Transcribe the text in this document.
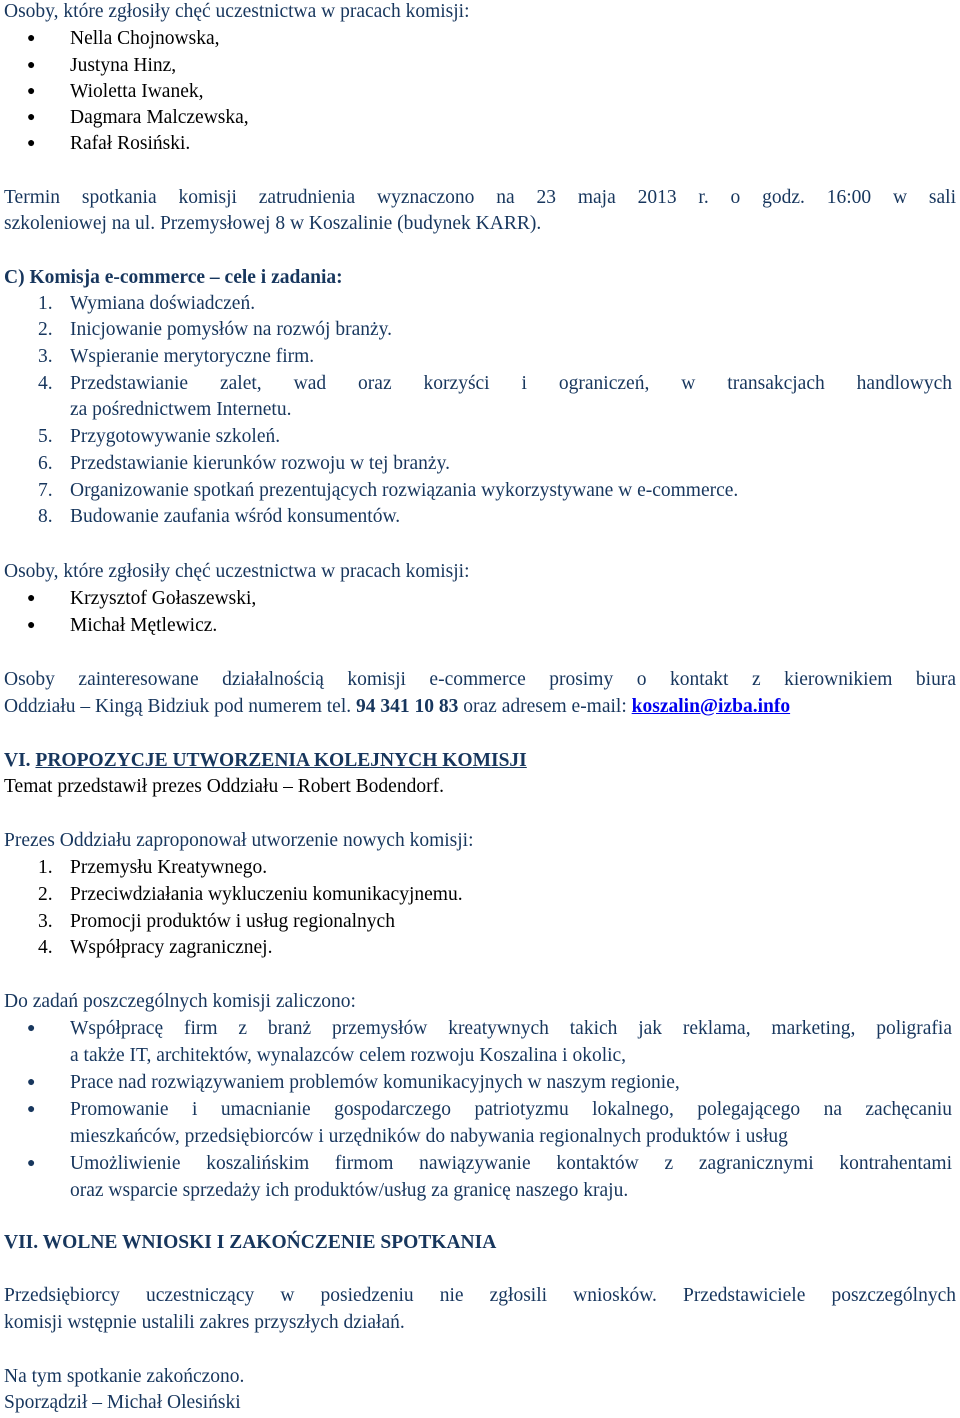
Osoby, które zgłosiły chęć uczestnictwa w pracach komisji:
● Nella Chojnowska,
● Justyna Hinz,
● Wioletta Iwanek,
● Dagmara Malczewska,
● Rafał Rosiński.
Termin spotkania komisji zatrudnienia wyznaczono na 23 maja 2013 r. o godz. 16:00 w sali
szkoleniowej na ul. Przemysłowej 8 w Koszalinie (budynek KARR).
C) Komisja e-commerce – cele i zadania:
1. Wymiana doświadczeń.
2. Inicjowanie pomysłów na rozwój branży.
3. Wspieranie merytoryczne firm.
4. Przedstawianie zalet, wad oraz korzyści i ograniczeń, w transakcjach handlowych
za pośrednictwem Internetu.
5. Przygotowywanie szkoleń.
6. Przedstawianie kierunków rozwoju w tej branży.
7. Organizowanie spotkań prezentujących rozwiązania wykorzystywane w e-commerce.
8. Budowanie zaufania wśród konsumentów.
Osoby, które zgłosiły chęć uczestnictwa w pracach komisji:
● Krzysztof Gołaszewski,
● Michał Mętlewicz.
Osoby zainteresowane działalnością komisji e-commerce prosimy o kontakt z kierownikiem biura
Oddziału – Kingą Bidziuk pod numerem tel. 94 341 10 83 oraz adresem e-mail: koszalin@izba.info
VI. PROPOZYCJE UTWORZENIA KOLEJNYCH KOMISJI
Temat przedstawił prezes Oddziału – Robert Bodendorf.
Prezes Oddziału zaproponował utworzenie nowych komisji:
1. Przemysłu Kreatywnego.
2. Przeciwdziałania wykluczeniu komunikacyjnemu.
3. Promocji produktów i usług regionalnych
4. Współpracy zagranicznej.
Do zadań poszczególnych komisji zaliczono:
● Współpracę firm z branż przemysłów kreatywnych takich jak reklama, marketing, poligrafia
a także IT, architektów, wynalazców celem rozwoju Koszalina i okolic,
● Prace nad rozwiązywaniem problemów komunikacyjnych w naszym regionie,
● Promowanie i umacnianie gospodarczego patriotyzmu lokalnego, polegającego na zachęcaniu
mieszkańców, przedsiębiorców i urzędników do nabywania regionalnych produktów i usług
● Umożliwienie koszalińskim firmom nawiązywanie kontaktów z zagranicznymi kontrahentami
oraz wsparcie sprzedaży ich produktów/usług za granicę naszego kraju.
VII. WOLNE WNIOSKI I ZAKOŃCZENIE SPOTKANIA
Przedsiębiorcy uczestniczący w posiedzeniu nie zgłosili wniosków. Przedstawiciele poszczególnych
komisji wstępnie ustalili zakres przyszłych działań.
Na tym spotkanie zakończono.
Sporządził – Michał Olesiński
